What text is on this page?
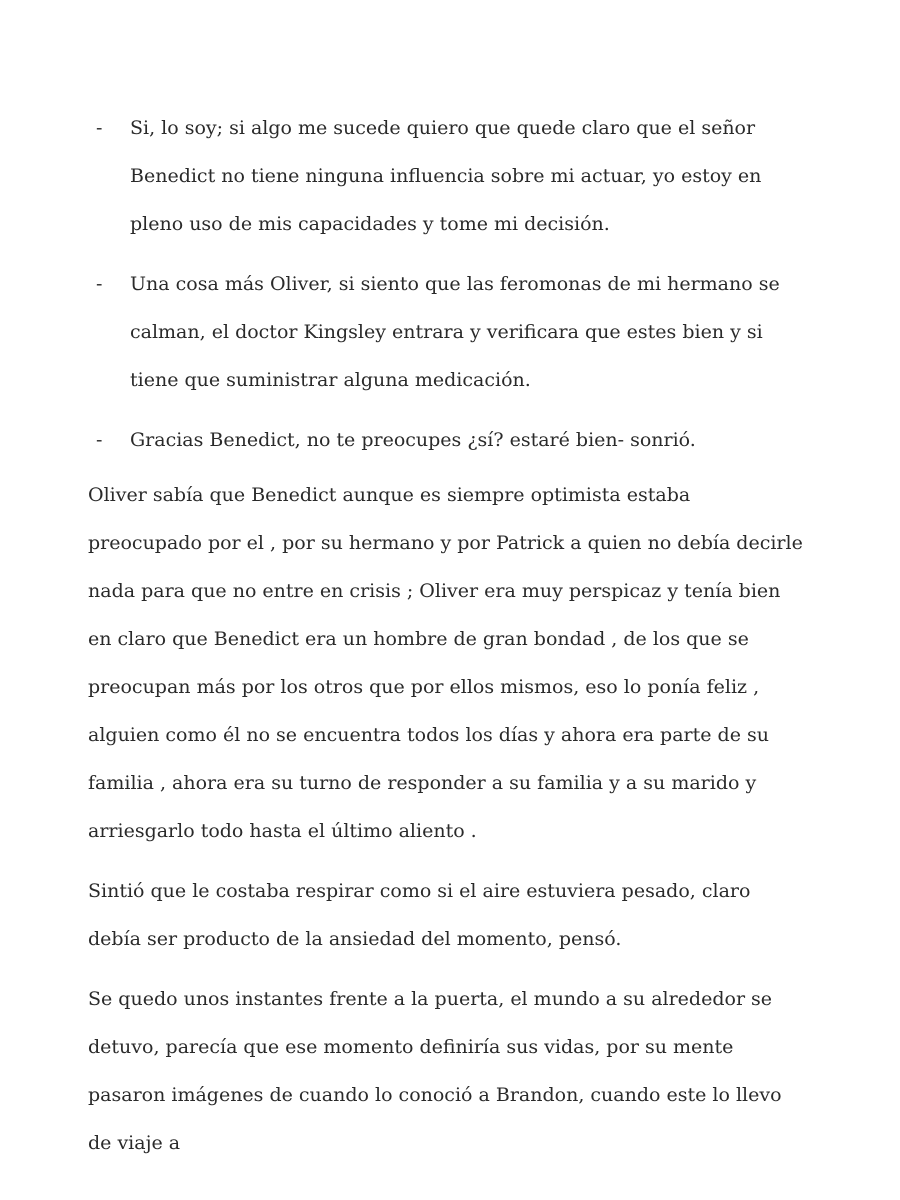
- Si, lo soy; si algo me sucede quiero que quede claro que el señor Benedict no tiene ninguna influencia sobre mi actuar, yo estoy en pleno uso de mis capacidades y tome mi decisión.
- Una cosa más Oliver, si siento que las feromonas de mi hermano se calman, el doctor Kingsley entrara y verificara que estes bien y si tiene que suministrar alguna medicación.
- Gracias Benedict, no te preocupes ¿sí? estaré bien- sonrió.

Oliver sabía que Benedict aunque es siempre optimista estaba preocupado por el , por su hermano y por Patrick a quien no debía decirle nada para que no entre en crisis ; Oliver era muy perspicaz y tenía bien en claro que Benedict era un hombre de gran bondad , de los que se preocupan más por los otros que por ellos mismos, eso lo ponía feliz , alguien como él no se encuentra todos los días y ahora era parte de su familia , ahora era su turno de responder a su familia y a su marido y arriesgarlo todo hasta el último aliento .

Sintió que le costaba respirar como si el aire estuviera pesado, claro debía ser producto de la ansiedad del momento, pensó.

Se quedo unos instantes frente a la puerta, el mundo a su alrededor se detuvo, parecía que ese momento definiría sus vidas, por su mente pasaron imágenes de cuando lo conoció a Brandon, cuando este lo llevo de viaje a
